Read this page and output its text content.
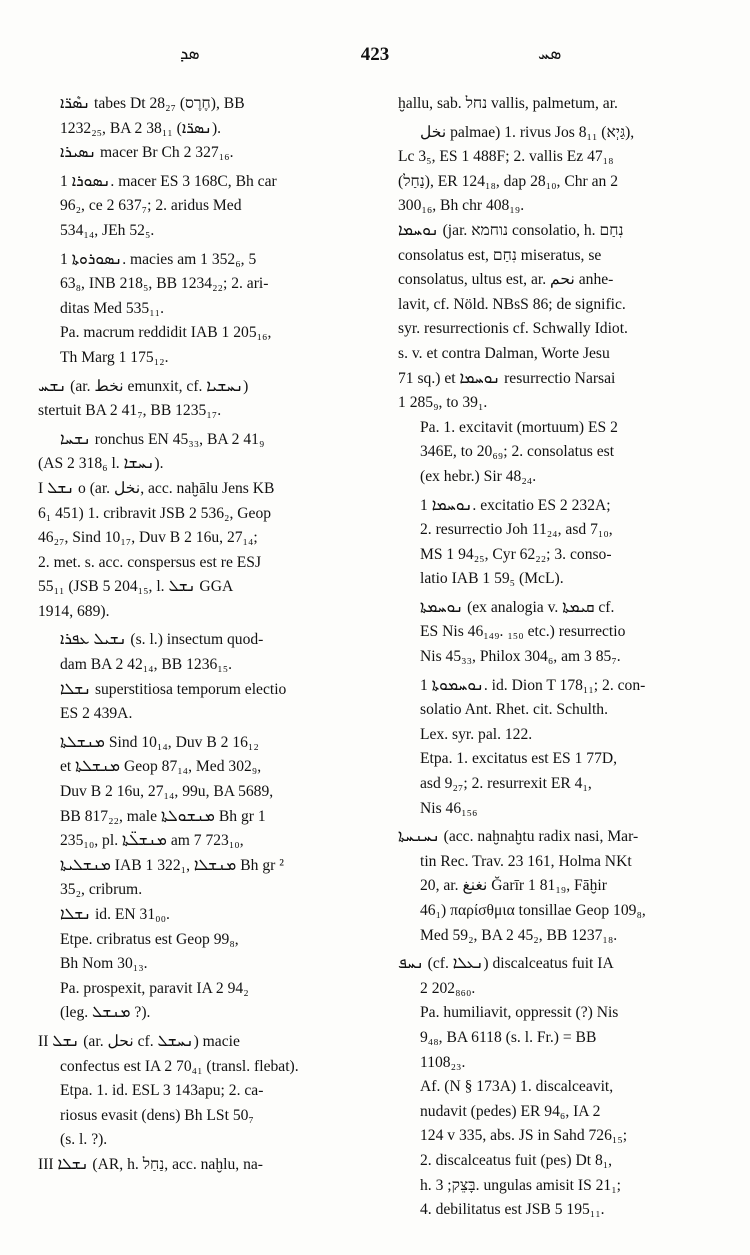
ܣܕ	423	ܣܚ

ܢܣܶܪ̈ܐ tabes Dt 28₂₇ (חֶרֶס), BB

1232₂₅, BA 2 38₁₁ (ܢܣܪ̈ܐ).

ܢܣܝܪܐ macer Br Ch 2 327₁₆.

ܢܣܘܪܐ 1. macer ES 3 168C, Bh car

96₂, ce 2 637₇; 2. aridus Med

534₁₄, JEh 52₅.

ܢܣܘܪܘܬܐ 1. macies am 1 352₆, 5

63₈, INB 218₅, BB 1234₂₂; 2. ari-

ditas Med 535₁₁.

Pa. macrum reddidit IAB 1 205₁₆,

Th Marg 1 175₁₂.

ܢܫܚ (ar. نخط emunxit, cf. ܢܚܫܝܐ)

stertuit BA 2 41₇, BB 1235₁₇.

ܢܫܚܐ ronchus EN 45₃₃, BA 2 41₉

(AS 2 318₆ l. ܢܚܫܐ).

I ܢܫܠ o (ar. نخل, acc. naḫālu Jens KB

6₁ 451) 1. cribravit JSB 2 536₂, Geop

46₂₇, Sind 10₁₇, Duv B 2 16u, 27₁₄;

2. met. s. acc. conspersus est re ESJ

55₁₁ (JSB 5 204₁₅, l. ܢܫܠ GGA

1914, 689).

ܢܫܝܠ ܥܦܪܐ (s. l.) insectum quod-

dam BA 2 42₁₄, BB 1236₁₅.

ܢܫܠܐ superstitiosa temporum electio

ES 2 439A.

ܡܢܫܠܬܐ Sind 10₁₄, Duv B 2 16₁₂

et ܡܢܫܠܬܐ Geop 87₁₄, Med 302₉,

Duv B 2 16u, 27₁₄, 99u, BA 5689,

BB 817₂₂, male ܡܢܫܘܠܬܐ Bh gr 1

235₁₀, pl. ܡܢܫܠ̈ܬܐ am 7 723₁₀,

ܡܢܫܠܝܬܐ IAB 1 322₁, ܡܢܫܠܐ Bh gr ²

35₂, cribrum.

ܢܫܠܐ id. EN 31₀₀.

Etpe. cribratus est Geop 99₈,

Bh Nom 30₁₃.

Pa. prospexit, paravit IA 2 94₂

(leg. ܡܢܫܠ ?).

II ܢܫܠ (ar. نحل cf. ܢܚܫܠ) macie

confectus est IA 2 70₄₁ (transl. flebat).

Etpa. 1. id. ESL 3 143apu; 2. ca-

riosus evasit (dens) Bh LSt 50₇

(s. l. ?).

III ܢܫܠܐ (AR, h. נַחַל, acc. naḫlu, na-

ḫallu, sab. נחל vallis, palmetum, ar.

نخل palmae) 1. rivus Jos 8₁₁ (גַּיְא),

Lc 3₅, ES 1 488F; 2. vallis Ez 47₁₈

(נַחַל), ER 124₁₈, dap 28₁₀, Chr an 2

300₁₆, Bh chr 408₁₉.

ܢܘܚܡܐ (jar. נוחמא consolatio, h. נִחַם

consolatus est, נִחַם miseratus, se

consolatus, ultus est, ar. نحم anhe-

lavit, cf. Nöld. NBsS 86; de signific.

syr. resurrectionis cf. Schwally Idiot.

s. v. et contra Dalman, Worte Jesu

71 sq.) et ܢܘܚܡܐ resurrectio Narsai

1 285₉, to 39₁.

Pa. 1. excitavit (mortuum) ES 2

346E, to 20₆₉; 2. consolatus est

(ex hebr.) Sir 48₂₄.

ܢܘܚܡܐ 1. excitatio ES 2 232A;

2. resurrectio Joh 11₂₄, asd 7₁₀,

MS 1 94₂₅, Cyr 62₂₂; 3. conso-

latio IAB 1 59₅ (McL).

ܢܘܚܡܬܐ (ex analogia v. ܩܝܡܬܐ cf.

ES Nis 46₁₄₉. ₁₅₀ etc.) resurrectio

Nis 45₃₃, Philox 304₆, am 3 85₇.

ܢܘܚܡܘܬܐ 1. id. Dion T 178₁₁; 2. con-

solatio Ant. Rhet. cit. Schulth.

Lex. syr. pal. 122.

Etpa. 1. excitatus est ES 1 77D,

asd 9₂₇; 2. resurrexit ER 4₁,

Nis 46₁₅₆

ܢܚܢܚܬܐ (acc. naḫnaḫtu radix nasi, Mar-

tin Rec. Trav. 23 161, Holma NKt

20, ar. نغنغ Ğarīr 1 81₁₉, Fāḫir

46₁) παρίσθμια tonsillae Geop 109₈,

Med 59₂, BA 2 45₂, BB 1237₁₈.

ܢܚܦ (cf. ܢܥܠܐ) discalceatus fuit IA

2 202₈₆₀.

Pa. humiliavit, oppressit (?) Nis

9₄₈, BA 6118 (s. l. Fr.) = BB

1108₂₃.

Af. (N § 173A) 1. discalceavit,

nudavit (pedes) ER 94₆, IA 2

124 v 335, abs. JS in Sahd 726₁₅;

2. discalceatus fuit (pes) Dt 8₁,

h. בָּצֵק; 3. ungulas amisit IS 21₁;

4. debilitatus est JSB 5 195₁₁.
